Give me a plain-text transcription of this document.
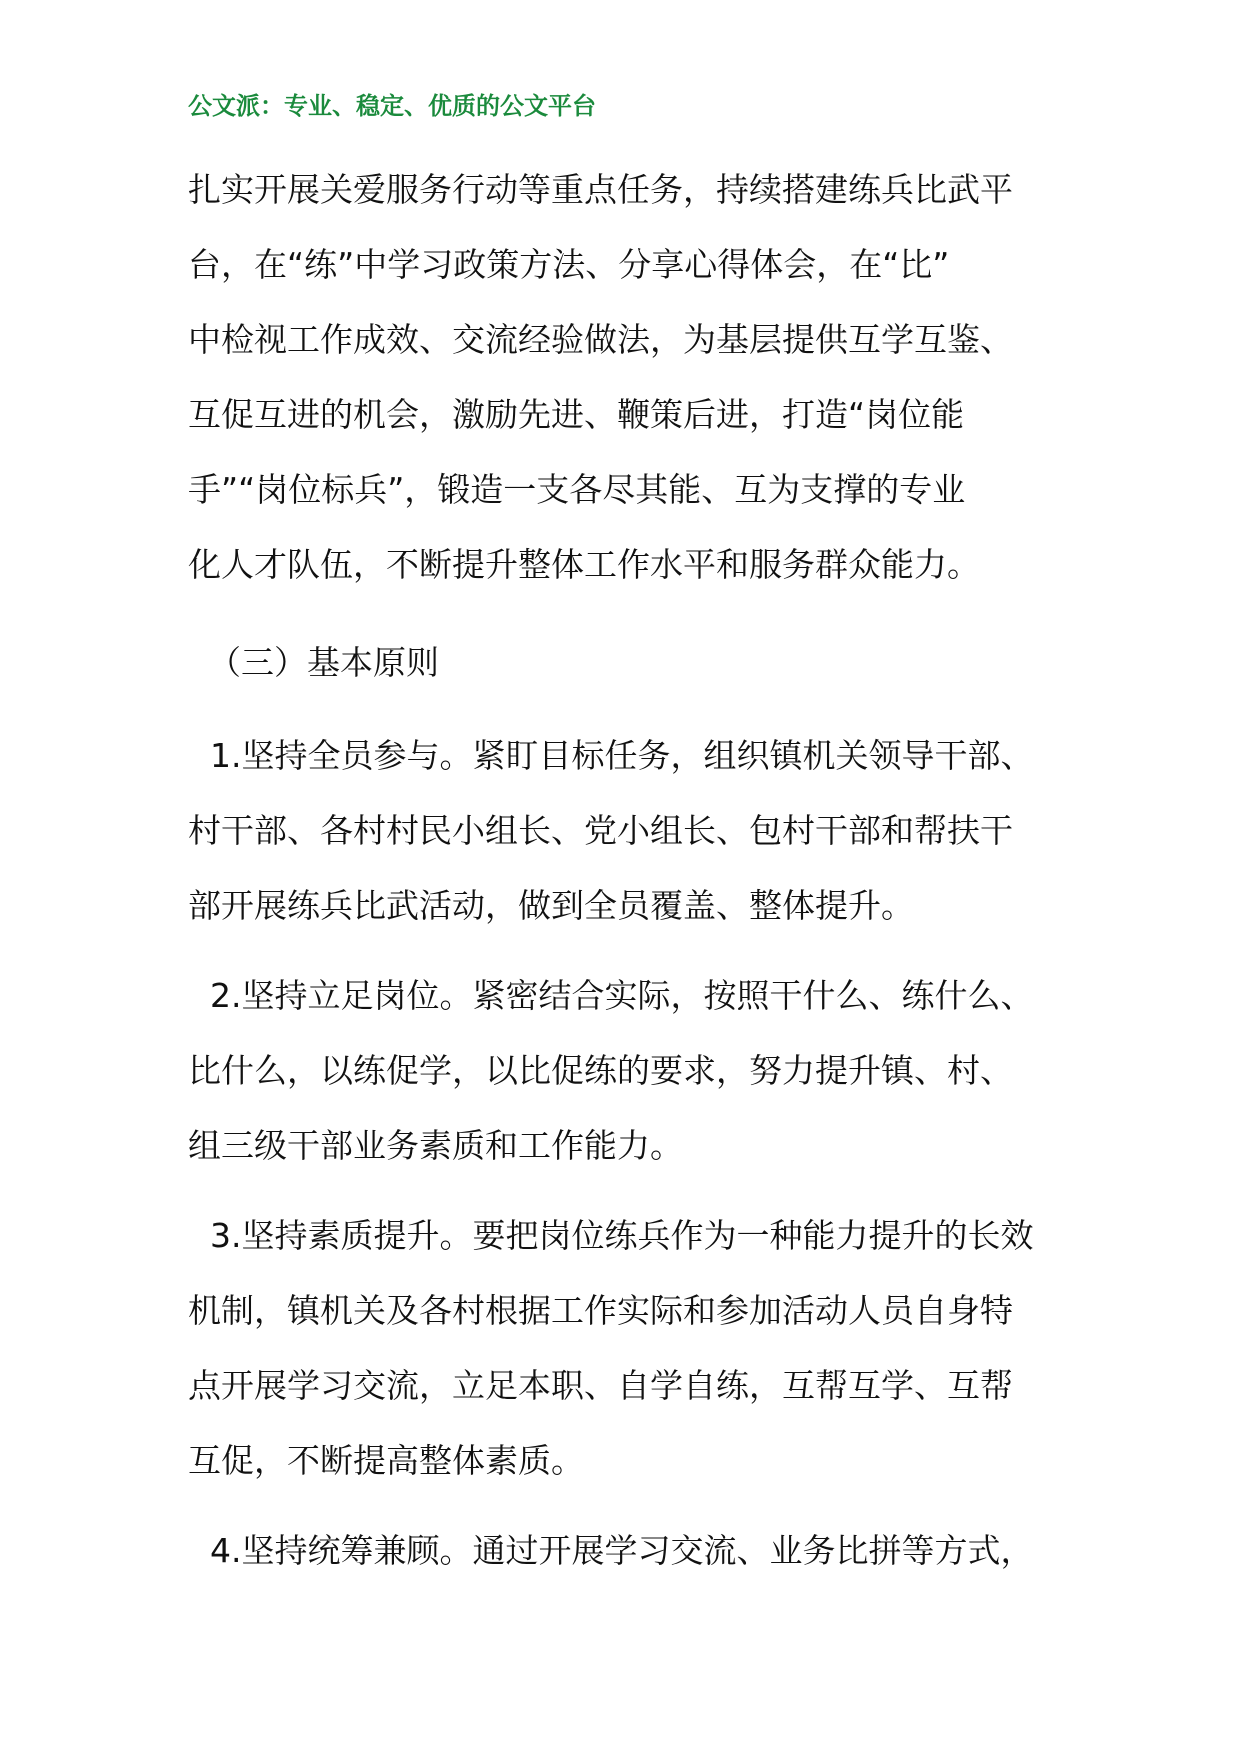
公文派：专业、稳定、优质的公文平台
扎实开展关爱服务行动等重点任务，持续搭建练兵比武平
台，在“练”中学习政策方法、分享心得体会，在“比”
中检视工作成效、交流经验做法，为基层提供互学互鉴、
互促互进的机会，激励先进、鞭策后进，打造“岗位能
手”“岗位标兵”，锻造一支各尽其能、互为支撑的专业
化人才队伍，不断提升整体工作水平和服务群众能力。
（三）基本原则
1.坚持全员参与。紧盯目标任务，组织镇机关领导干部、
村干部、各村村民小组长、党小组长、包村干部和帮扶干
部开展练兵比武活动，做到全员覆盖、整体提升。
2.坚持立足岗位。紧密结合实际，按照干什么、练什么、
比什么，以练促学，以比促练的要求，努力提升镇、村、
组三级干部业务素质和工作能力。
3.坚持素质提升。要把岗位练兵作为一种能力提升的长效
机制，镇机关及各村根据工作实际和参加活动人员自身特
点开展学习交流，立足本职、自学自练，互帮互学、互帮
互促，不断提高整体素质。
4.坚持统筹兼顾。通过开展学习交流、业务比拼等方式，
